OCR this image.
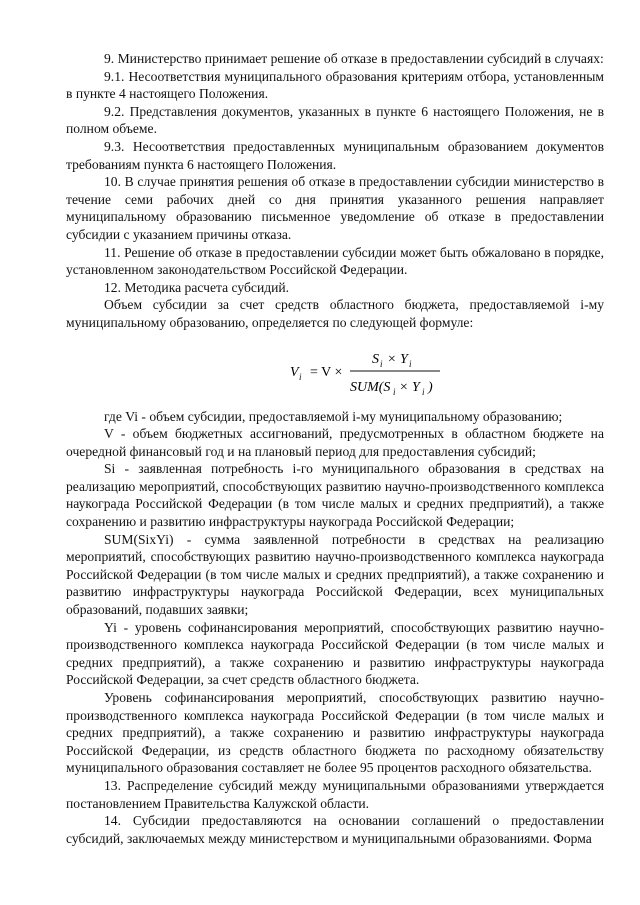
9. Министерство принимает решение об отказе в предоставлении субсидий в случаях:

9.1. Несоответствия муниципального образования критериям отбора, установленным в пункте 4 настоящего Положения.

9.2. Представления документов, указанных в пункте 6 настоящего Положения, не в полном объеме.

9.3. Несоответствия предоставленных муниципальным образованием документов требованиям пункта 6 настоящего Положения.

10. В случае принятия решения об отказе в предоставлении субсидии министерство в течение семи рабочих дней со дня принятия указанного решения направляет муниципальному образованию письменное уведомление об отказе в предоставлении субсидии с указанием причины отказа.

11. Решение об отказе в предоставлении субсидии может быть обжаловано в порядке, установленном законодательством Российской Федерации.

12. Методика расчета субсидий.

Объем субсидии за счет средств областного бюджета, предоставляемой i-му муниципальному образованию, определяется по следующей формуле:

V i = V ×
S i × Y i
SUM(S i × Y i )

где Vi - объем субсидии, предоставляемой i-му муниципальному образованию;

V - объем бюджетных ассигнований, предусмотренных в областном бюджете на очередной финансовый год и на плановый период для предоставления субсидий;

Si - заявленная потребность i-го муниципального образования в средствах на реализацию мероприятий, способствующих развитию научно-производственного комплекса наукограда Российской Федерации (в том числе малых и средних предприятий), а также сохранению и развитию инфраструктуры наукограда Российской Федерации;

SUM(SixYi) - сумма заявленной потребности в средствах на реализацию мероприятий, способствующих развитию научно-производственного комплекса наукограда Российской Федерации (в том числе малых и средних предприятий), а также сохранению и развитию инфраструктуры наукограда Российской Федерации, всех муниципальных образований, подавших заявки;

Yi - уровень софинансирования мероприятий, способствующих развитию научно-производственного комплекса наукограда Российской Федерации (в том числе малых и средних предприятий), а также сохранению и развитию инфраструктуры наукограда Российской Федерации, за счет средств областного бюджета.

Уровень софинансирования мероприятий, способствующих развитию научно-производственного комплекса наукограда Российской Федерации (в том числе малых и средних предприятий), а также сохранению и развитию инфраструктуры наукограда Российской Федерации, из средств областного бюджета по расходному обязательству муниципального образования составляет не более 95 процентов расходного обязательства.

13. Распределение субсидий между муниципальными образованиями утверждается постановлением Правительства Калужской области.

14. Субсидии предоставляются на основании соглашений о предоставлении субсидий, заключаемых между министерством и муниципальными образованиями. Форма
